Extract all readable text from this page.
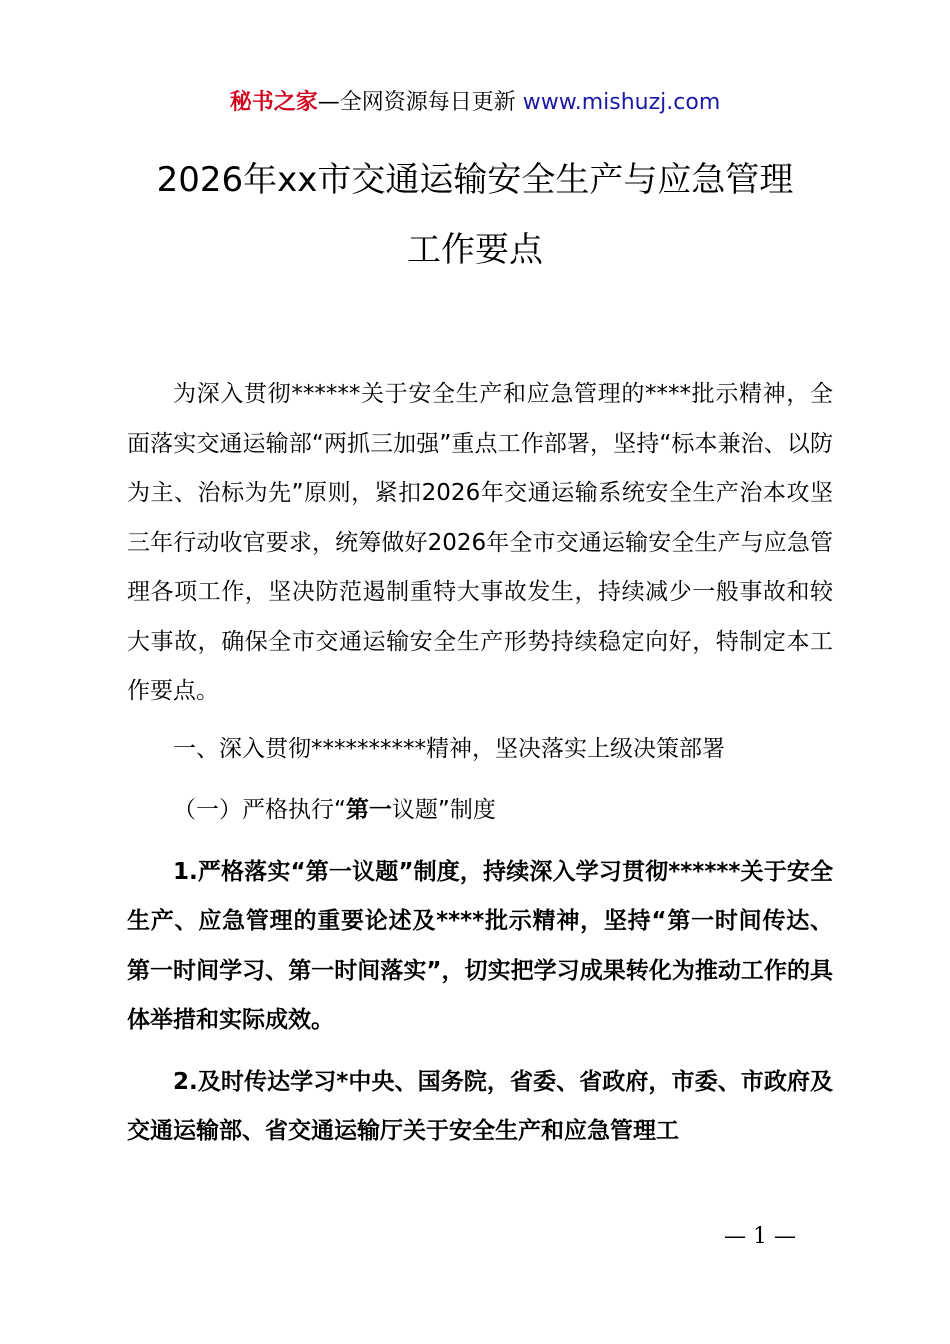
秘书之家—全网资源每日更新 www.mishuzj.com
2026年xx市交通运输安全生产与应急管理
工作要点

为深入贯彻******关于安全生产和应急管理的****批示精神，全面落实交通运输部“两抓三加强”重点工作部署，坚持“标本兼治、以防为主、治标为先”原则，紧扣2026年交通运输系统安全生产治本攻坚三年行动收官要求，统筹做好2026年全市交通运输安全生产与应急管理各项工作，坚决防范遏制重特大事故发生，持续减少一般事故和较大事故，确保全市交通运输安全生产形势持续稳定向好，特制定本工作要点。

一、深入贯彻**********精神，坚决落实上级决策部署

（一）严格执行“第一议题”制度

1.严格落实“第一议题”制度，持续深入学习贯彻******关于安全生产、应急管理的重要论述及****批示精神，坚持“第一时间传达、第一时间学习、第一时间落实”，切实把学习成果转化为推动工作的具体举措和实际成效。

2.及时传达学习*中央、国务院，省委、省政府，市委、市政府及交通运输部、省交通运输厅关于安全生产和应急管理工

— 1 —
